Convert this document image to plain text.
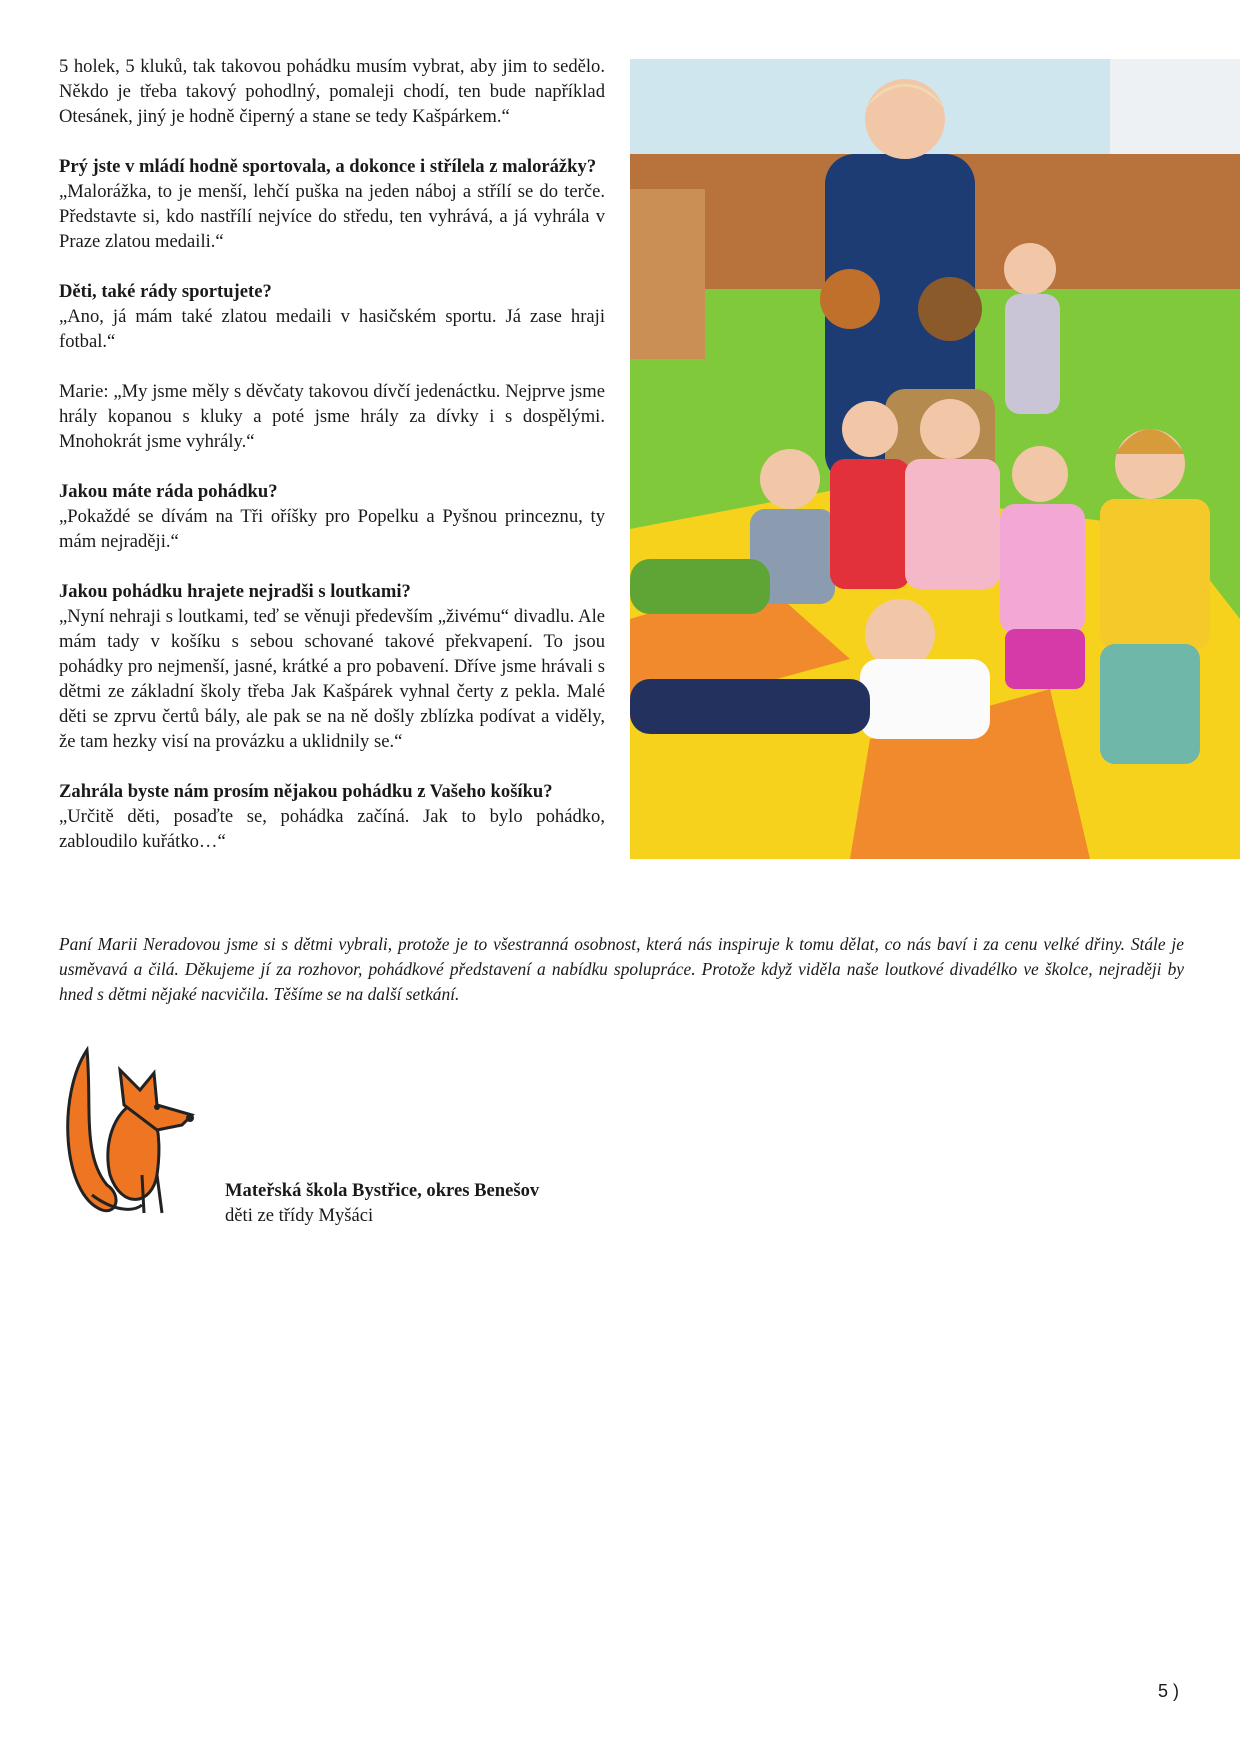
5 holek, 5 kluků, tak takovou pohádku musím vybrat, aby jim to sedělo. Někdo je třeba takový pohodlný, pomaleji chodí, ten bude například Otesánek, jiný je hodně čiperný a stane se tedy Kašpárkem.“

Prý jste v mládí hodně sportovala, a dokonce i střílela z malorážky?
„Malorážka, to je menší, lehčí puška na jeden náboj a střílí se do terče. Představte si, kdo nastřílí nejvíce do středu, ten vyhrává, a já vyhrála v Praze zlatou medaili.“
Děti, také rády sportujete?
„Ano, já mám také zlatou medaili v hasičském sportu. Já zase hraji fotbal.“
Marie: „My jsme měly s děvčaty takovou dívčí jedenáctku. Nejprve jsme hrály kopanou s kluky a poté jsme hrály za dívky i s dospělými. Mnohokrát jsme vyhrály.“
Jakou máte ráda pohádku?
„Pokaždé se dívám na Tři oříšky pro Popelku a Pyšnou princeznu, ty mám nejraději.“
Jakou pohádku hrajete nejradši s loutkami?
„Nyní nehraji s loutkami, teď se věnuji především „živému“ divadlu. Ale mám tady v košíku s sebou schované takové překvapení. To jsou pohádky pro nejmenší, jasné, krátké a pro pobavení. Dříve jsme hrávali s dětmi ze základní školy třeba Jak Kašpárek vyhnal čerty z pekla. Malé děti se zprvu čertů bály, ale pak se na ně došly zblízka podívat a viděly, že tam hezky visí na provázku a uklidnily se.“
Zahrála byste nám prosím nějakou pohádku z Vašeho košíku?
„Určitě děti, posaďte se, pohádka začíná. Jak to bylo pohádko, zabloudilo kuřátko…“

Paní Marii Neradovou jsme si s dětmi vybrali, protože je to všestranná osobnost, která nás inspiruje k tomu dělat, co nás baví i za cenu velké dřiny. Stále je usměvavá a čilá. Děkujeme jí za rozhovor, pohádkové představení a nabídku spolupráce. Protože když viděla naše loutkové divadélko ve školce, nejraději by hned s dětmi nějaké nacvičila. Těšíme se na další setkání.

Mateřská škola Bystřice, okres Benešov
děti ze třídy Myšáci
5 )
